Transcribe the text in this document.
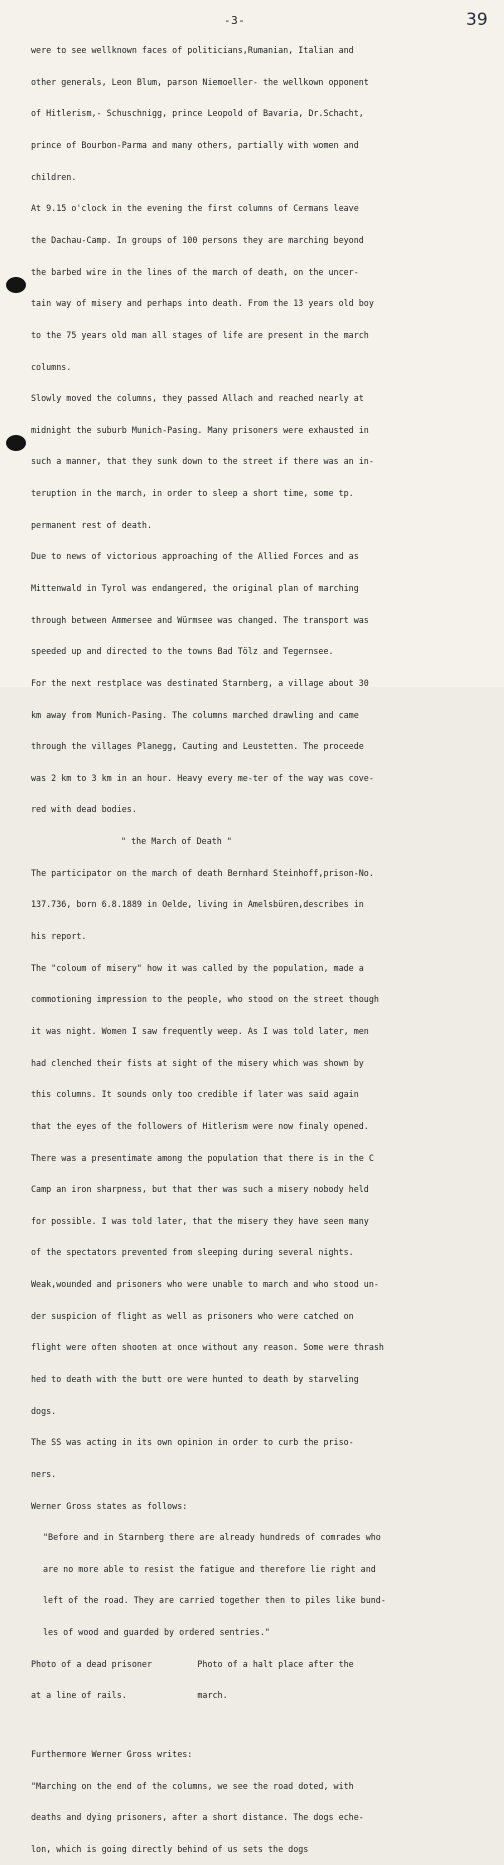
-3-	39

were to see wellknown faces of politicians,Rumanian, Italian and

other generals, Leon Blum, parson Niemoeller- the wellkown opponent

of Hitlerism,- Schuschnigg, prince Leopold of Bavaria, Dr.Schacht,

prince of Bourbon-Parma and many others, partially with women and

children.

At 9.15 o'clock in the evening the first columns of Cermans leave

the Dachau-Camp. In groups of 100 persons they are marching beyond

the barbed wire in the lines of the march of death, on the uncer-

tain way of misery and perhaps into death. From the 13 years old boy

to the 75 years old man all stages of life are present in the march

columns.

Slowly moved the columns, they passed Allach and reached nearly at

midnight the suburb Munich-Pasing. Many prisoners were exhausted in

such a manner, that they sunk down to the street if there was an in-

teruption in the march, in order to sleep a short time, some tp.

permanent rest of death.

Due to news of victorious approaching of the Allied Forces and as

Mittenwald in Tyrol was endangered, the original plan of marching

through between Ammersee and Würmsee was changed. The transport was

speeded up and directed to the towns Bad Tölz and Tegernsee.

For the next restplace was destinated Starnberg, a village about 30

km away from Munich-Pasing. The columns marched drawling and came

through the villages Planegg, Cauting and Leustetten. The proceede

was 2 km to 3 km in an hour. Heavy every me-ter of the way was cove-

red with dead bodies.

" the March of Death "

The participator on the march of death Bernhard Steinhoff,prison-No.

137.736, born 6.8.1889 in Oelde, living in Amelsbüren,describes in

his report.

The "coloum of misery" how it was called by the population, made a

commotioning impression to the people, who stood on the street though

it was night. Women I saw frequently weep. As I was told later, men

had clenched their fists at sight of the misery which was shown by

this columns. It sounds only too credible if later was said again

that the eyes of the followers of Hitlerism were now finaly opened.

There was a presentimate among the population that there is in the C

Camp an iron sharpness, but that ther was such a misery nobody held

for possible. I was told later, that the misery they have seen many

of the spectators prevented from sleeping during several nights.

Weak,wounded and prisoners who were unable to march and who stood un-

der suspicion of flight as well as prisoners who were catched on

flight were often shooten at once without any reason. Some were thrash

hed to death with the butt ore were hunted to death by starveling

dogs.

The SS was acting in its own opinion in order to curb the priso-

ners.

Werner Gross states as follows:

"Before and in Starnberg there are already hundreds of comrades who

are no more able to resist the fatigue and therefore lie right and

left of the road. They are carried together then to piles like bund-

les of wood and guarded by ordered sentries."

Photo of a dead prisoner         Photo of a halt place after the

at a line of rails.              march.

Furthermore Werner Gross writes:

"Marching on the end of the columns, we see the road doted, with

deaths and dying prisoners, after a short distance. The dogs eche-

lon, which is going directly behind of us sets the dogs
